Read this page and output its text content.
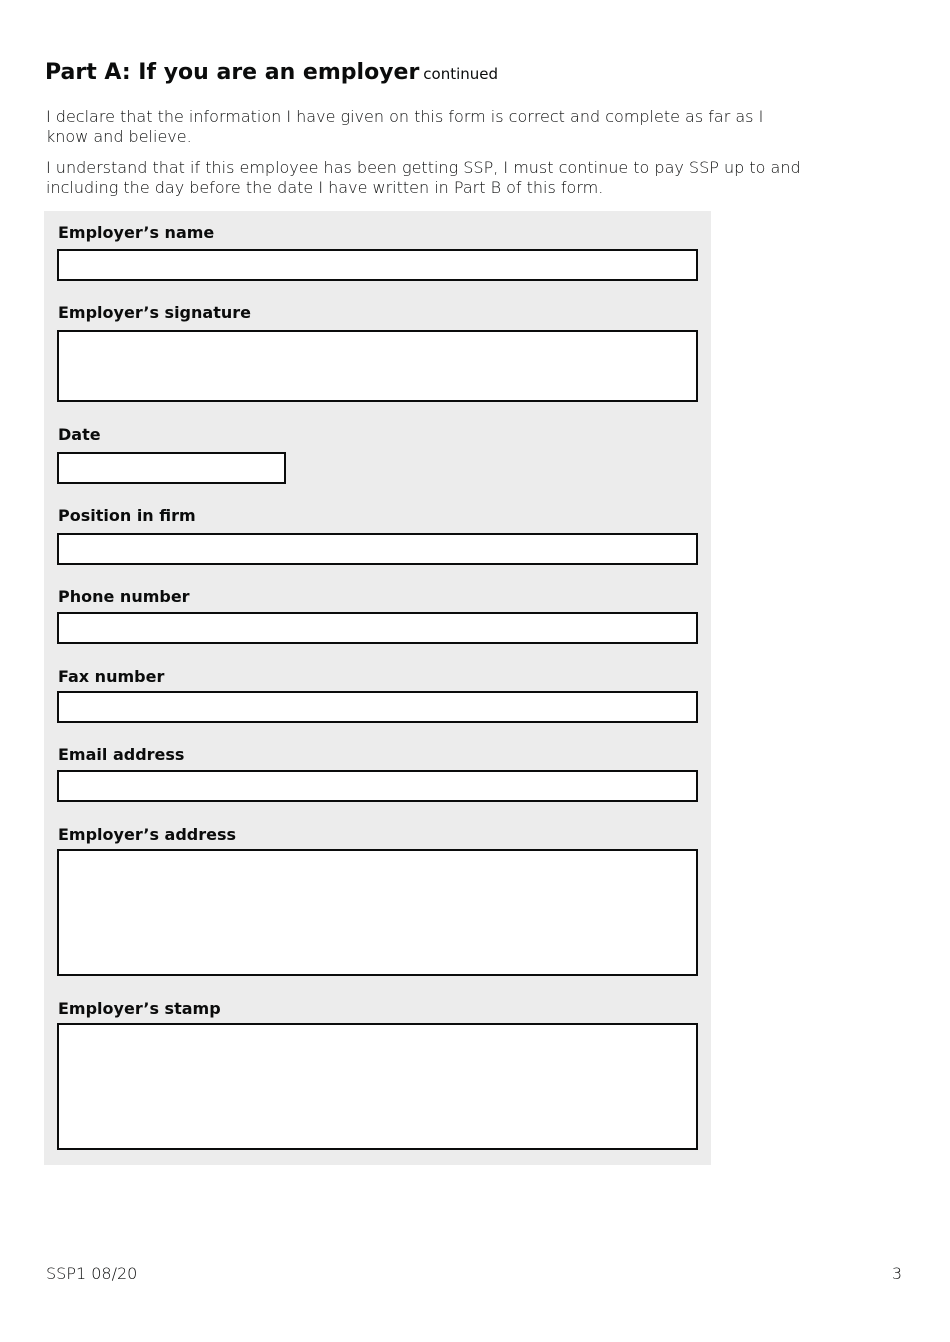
Part A: If you are an employer continued

I declare that the information I have given on this form is correct and complete as far as I know and believe.

I understand that if this employee has been getting SSP, I must continue to pay SSP up to and including the day before the date I have written in Part B of this form.

Employer’s name
Employer’s signature
Date
Position in firm
Phone number
Fax number
Email address
Employer’s address
Employer’s stamp
SSP1 08/20	3
